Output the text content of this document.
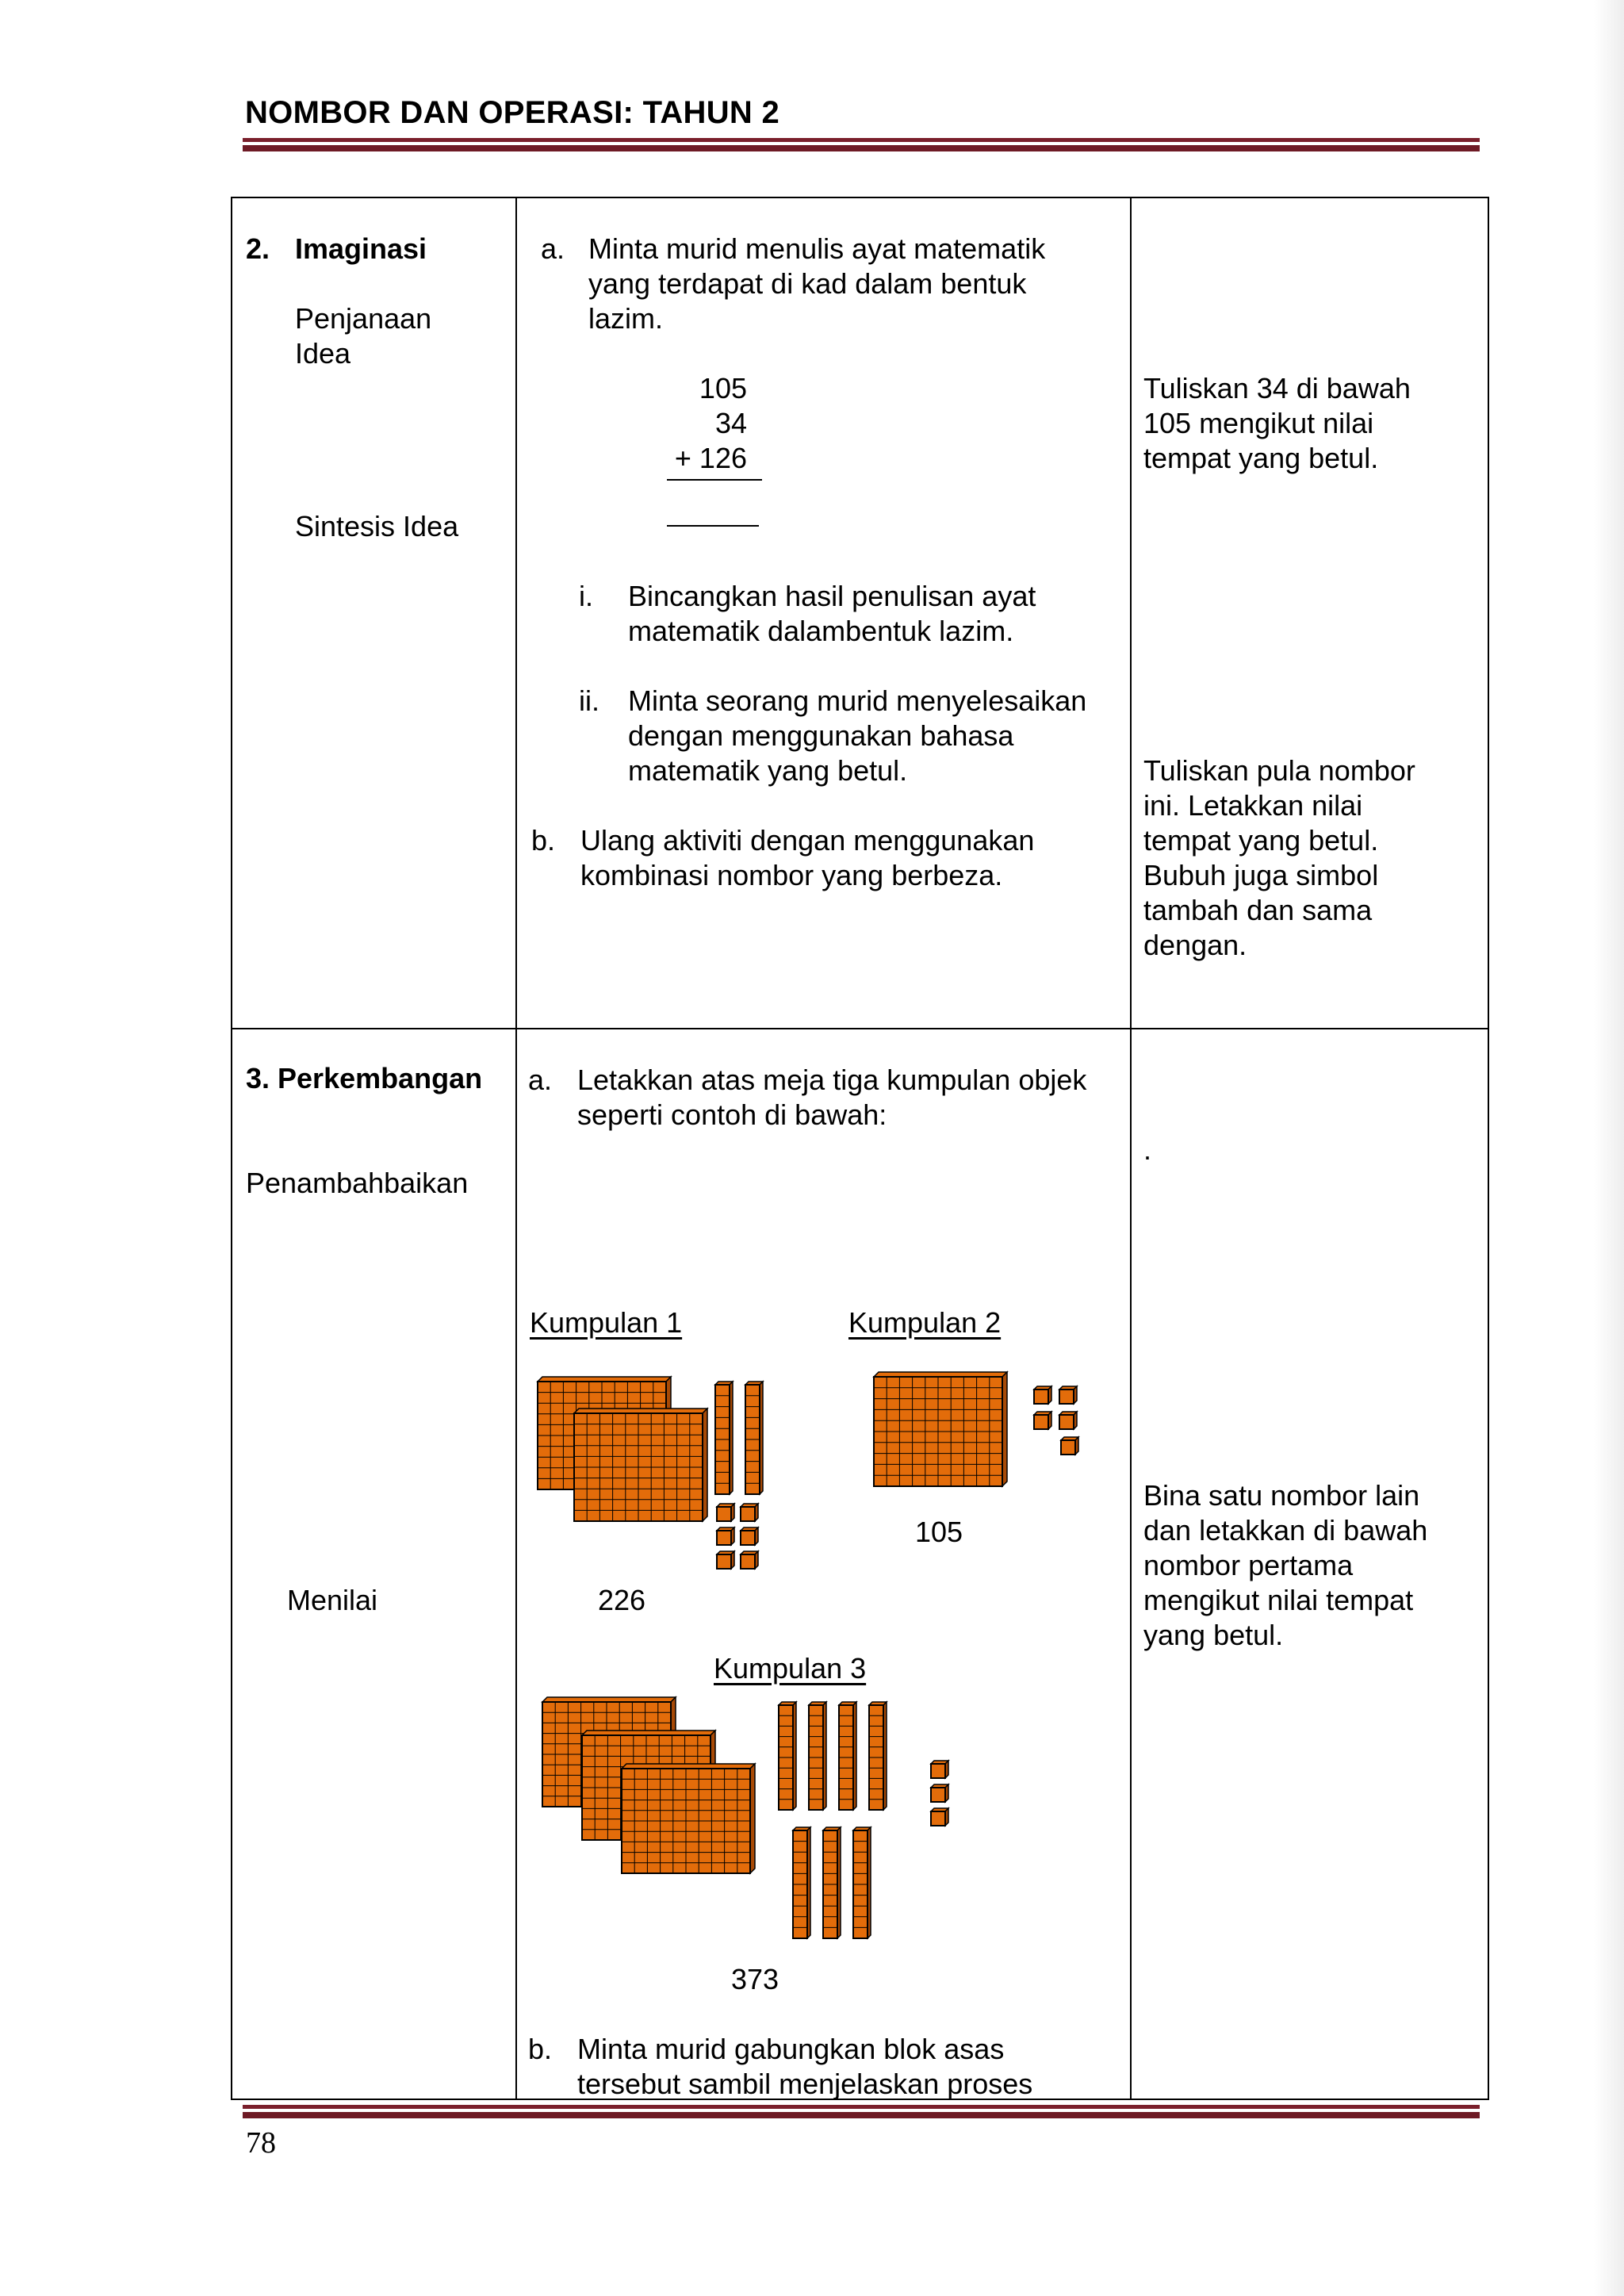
NOMBOR DAN OPERASI: TAHUN 2
2. Imaginasi
Penjanaan
Idea
Sintesis Idea
a. Minta murid menulis ayat matematik
yang terdapat di kad dalam bentuk
lazim.
105
34
+ 126
i. Bincangkan hasil penulisan ayat
matematik dalambentuk lazim.
ii. Minta seorang murid menyelesaikan
dengan menggunakan bahasa
matematik yang betul.
b. Ulang aktiviti dengan menggunakan
kombinasi nombor yang berbeza.
Tuliskan 34 di bawah
105 mengikut nilai
tempat yang betul.
Tuliskan pula nombor
ini. Letakkan nilai
tempat yang betul.
Bubuh juga simbol
tambah dan sama
dengan.
3. Perkembangan
Penambahbaikan
Menilai
a. Letakkan atas meja tiga kumpulan objek
seperti contoh di bawah:
Kumpulan 1	Kumpulan 2
226
105
Kumpulan 3
373
b. Minta murid gabungkan blok asas
tersebut sambil menjelaskan proses
.
Bina satu nombor lain
dan letakkan di bawah
nombor pertama
mengikut nilai tempat
yang betul.
78
